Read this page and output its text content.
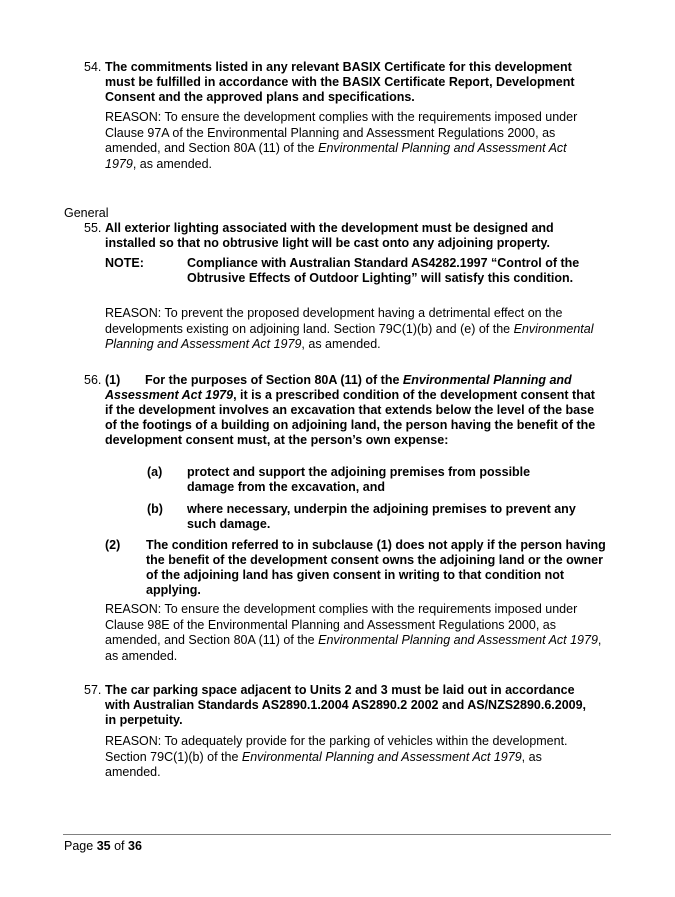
54. The commitments listed in any relevant BASIX Certificate for this development must be fulfilled in accordance with the BASIX Certificate Report, Development Consent and the approved plans and specifications.
REASON: To ensure the development complies with the requirements imposed under Clause 97A of the Environmental Planning and Assessment Regulations 2000, as amended, and Section 80A (11) of the Environmental Planning and Assessment Act 1979, as amended.
General
55. All exterior lighting associated with the development must be designed and installed so that no obtrusive light will be cast onto any adjoining property.
NOTE:	Compliance with Australian Standard AS4282.1997 “Control of the Obtrusive Effects of Outdoor Lighting” will satisfy this condition.
REASON: To prevent the proposed development having a detrimental effect on the developments existing on adjoining land. Section 79C(1)(b) and (e) of the Environmental Planning and Assessment Act 1979, as amended.
56. (1)	For the purposes of Section 80A (11) of the Environmental Planning and Assessment Act 1979, it is a prescribed condition of the development consent that if the development involves an excavation that extends below the level of the base of the footings of a building on adjoining land, the person having the benefit of the development consent must, at the person’s own expense:
(a) protect and support the adjoining premises from possible damage from the excavation, and
(b) where necessary, underpin the adjoining premises to prevent any such damage.
(2) The condition referred to in subclause (1) does not apply if the person having the benefit of the development consent owns the adjoining land or the owner of the adjoining land has given consent in writing to that condition not applying.
REASON: To ensure the development complies with the requirements imposed under Clause 98E of the Environmental Planning and Assessment Regulations 2000, as amended, and Section 80A (11) of the Environmental Planning and Assessment Act 1979, as amended.
57. The car parking space adjacent to Units 2 and 3 must be laid out in accordance with Australian Standards AS2890.1.2004 AS2890.2 2002 and AS/NZS2890.6.2009, in perpetuity.
REASON: To adequately provide for the parking of vehicles within the development. Section 79C(1)(b) of the Environmental Planning and Assessment Act 1979, as amended.
Page 35 of 36
